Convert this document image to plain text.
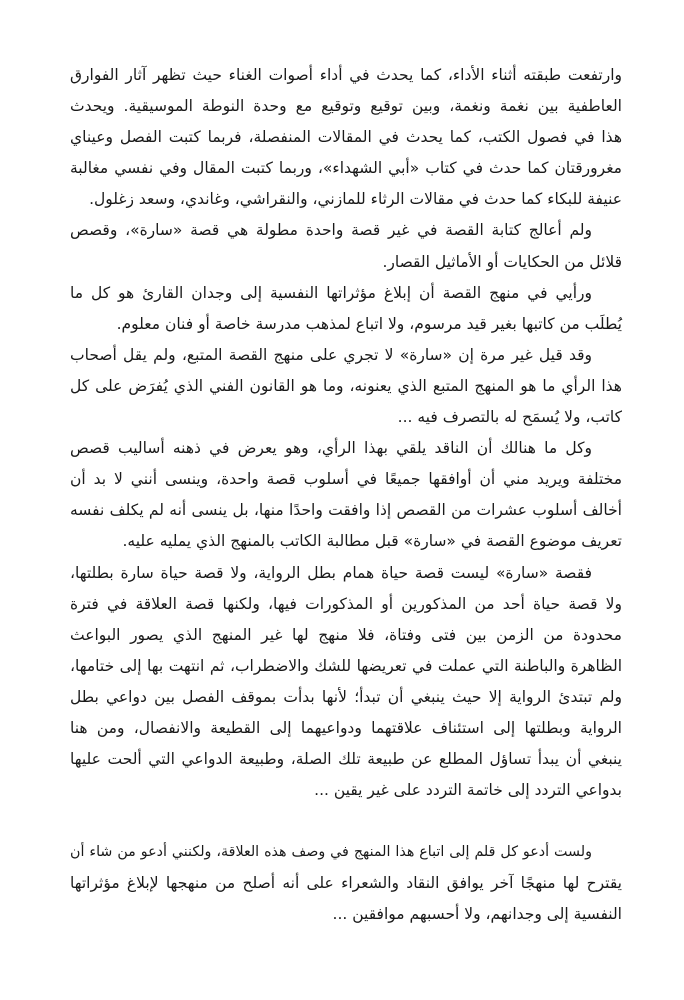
وارتفعت طبقته أثناء الأداء، كما يحدث في أداء أصوات الغناء حيث تظهر آثار الفوارق
العاطفية بين نغمة ونغمة، وبين توقيع وتوقيع مع وحدة النوطة الموسيقية. ويحدث
هذا في فصول الكتب، كما يحدث في المقالات المنفصلة، فربما كتبت الفصل وعيناي
مغرورقتان كما حدث في كتاب «أبي الشهداء»، وربما كتبت المقال وفي نفسي مغالبة
عنيفة للبكاء كما حدث في مقالات الرثاء للمازني، والنقراشي، وغاندي، وسعد زغلول.
ولم أعالج كتابة القصة في غير قصة واحدة مطولة هي قصة «سارة»، وقصص
قلائل من الحكايات أو الأماثيل القصار.
ورأيي في منهج القصة أن إبلاغ مؤثراتها النفسية إلى وجدان القارئ هو كل ما
يُطلَب من كاتبها بغير قيد مرسوم، ولا اتباع لمذهب مدرسة خاصة أو فنان معلوم.
وقد قيل غير مرة إن «سارة» لا تجري على منهج القصة المتبع، ولم يقل أصحاب
هذا الرأي ما هو المنهج المتبع الذي يعنونه، وما هو القانون الفني الذي يُفرَض على كل
كاتب، ولا يُسمَح له بالتصرف فيه ...
وكل ما هنالك أن الناقد يلقي بهذا الرأي، وهو يعرض في ذهنه أساليب قصص
مختلفة ويريد مني أن أوافقها جميعًا في أسلوب قصة واحدة، وينسى أنني لا بد أن
أخالف أسلوب عشرات من القصص إذا وافقت واحدًا منها، بل ينسى أنه لم يكلف نفسه
تعريف موضوع القصة في «سارة» قبل مطالبة الكاتب بالمنهج الذي يمليه عليه.
فقصة «سارة» ليست قصة حياة همام بطل الرواية، ولا قصة حياة سارة بطلتها،
ولا قصة حياة أحد من المذكورين أو المذكورات فيها، ولكنها قصة العلاقة في فترة
محدودة من الزمن بين فتى وفتاة، فلا منهج لها غير المنهج الذي يصور البواعث
الظاهرة والباطنة التي عملت في تعريضها للشك والاضطراب، ثم انتهت بها إلى ختامها،
ولم تبتدئ الرواية إلا حيث ينبغي أن تبدأ؛ لأنها بدأت بموقف الفصل بين دواعي بطل
الرواية وبطلتها إلى استئناف علاقتهما ودواعيهما إلى القطيعة والانفصال، ومن هنا
ينبغي أن يبدأ تساؤل المطلع عن طبيعة تلك الصلة، وطبيعة الدواعي التي ألحت عليها
بدواعي التردد إلى خاتمة التردد على غير يقين ...
ولست أدعو كل قلم إلى اتباع هذا المنهج في وصف هذه العلاقة، ولكنني أدعو من شاء أن
يقترح لها منهجًا آخر يوافق النقاد والشعراء على أنه أصلح من منهجها لإبلاغ مؤثراتها
النفسية إلى وجدانهم، ولا أحسبهم موافقين ...
